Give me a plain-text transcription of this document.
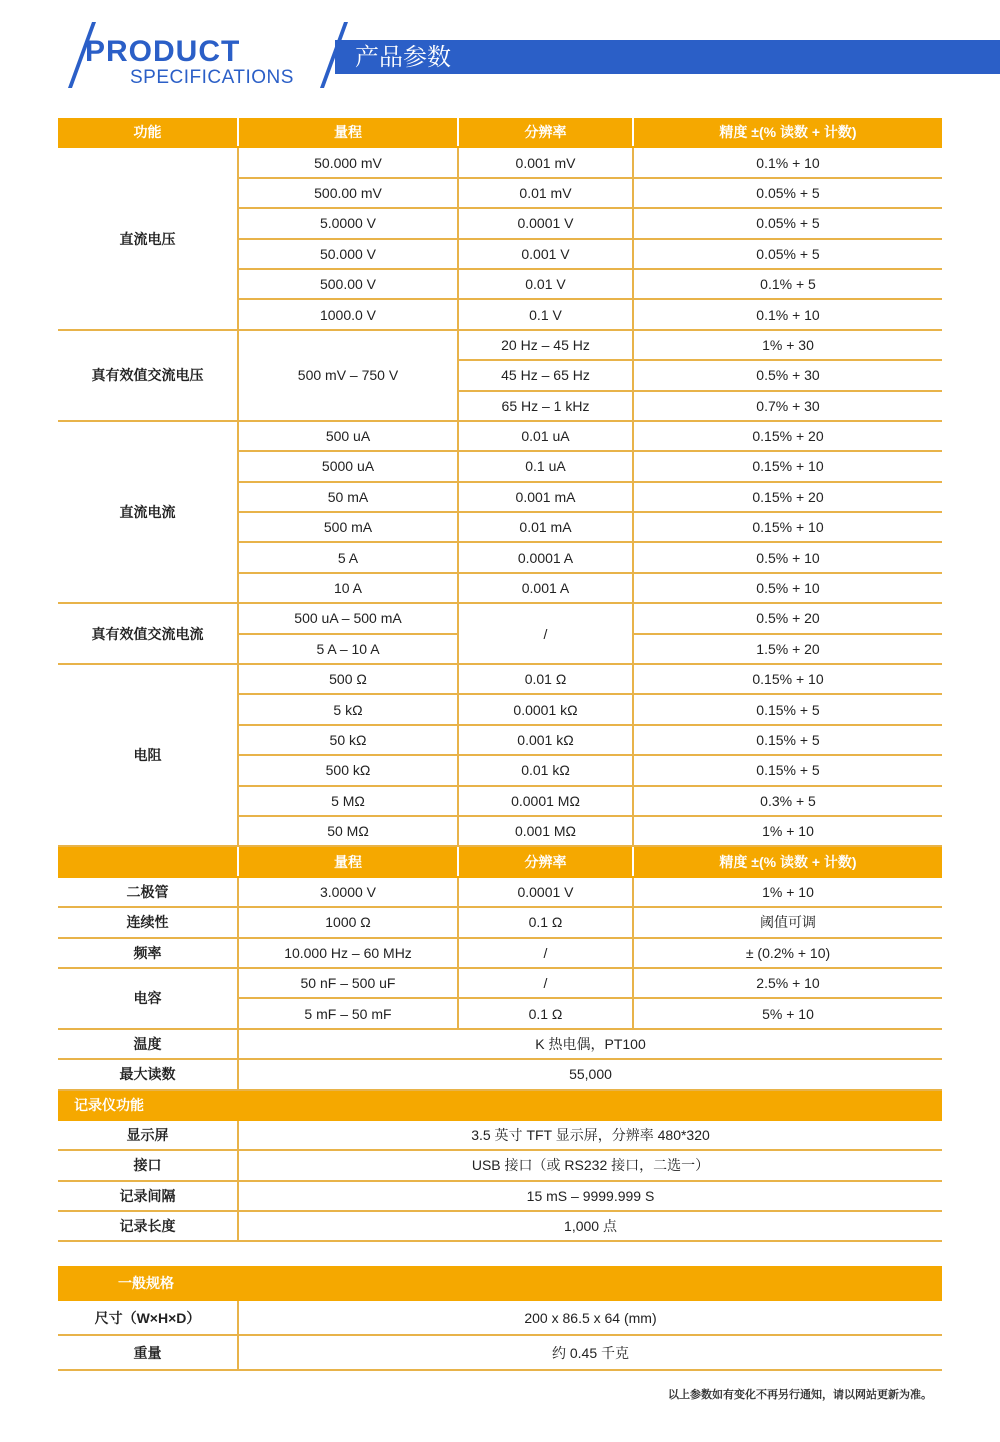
PRODUCT
SPECIFICATIONS
产品参数
功能	量程	分辨率	精度 ±(% 读数 + 计数)
直流电压	50.000 mV	0.001 mV	0.1% + 10
	500.00 mV	0.01 mV	0.05% + 5
	5.0000 V	0.0001 V	0.05% + 5
	50.000 V	0.001 V	0.05% + 5
	500.00 V	0.01 V	0.1% + 5
	1000.0 V	0.1 V	0.1% + 10
真有效值交流电压	500 mV – 750 V	20 Hz – 45 Hz	1% + 30
		45 Hz – 65 Hz	0.5% + 30
		65 Hz – 1 kHz	0.7% + 30
直流电流	500 uA	0.01 uA	0.15% + 20
	5000 uA	0.1 uA	0.15% + 10
	50 mA	0.001 mA	0.15% + 20
	500 mA	0.01 mA	0.15% + 10
	5 A	0.0001 A	0.5% + 10
	10 A	0.001 A	0.5% + 10
真有效值交流电流	500 uA – 500 mA	/	0.5% + 20
	5 A – 10 A		1.5% + 20
电阻	500 Ω	0.01 Ω	0.15% + 10
	5 kΩ	0.0001 kΩ	0.15% + 5
	50 kΩ	0.001 kΩ	0.15% + 5
	500 kΩ	0.01 kΩ	0.15% + 5
	5 MΩ	0.0001 MΩ	0.3% + 5
	50 MΩ	0.001 MΩ	1% + 10
	量程	分辨率	精度 ±(% 读数 + 计数)
二极管	3.0000 V	0.0001 V	1% + 10
连续性	1000 Ω	0.1 Ω	阈值可调
频率	10.000 Hz – 60 MHz	/	± (0.2% + 10)
电容	50 nF – 500 uF	/	2.5% + 10
	5 mF – 50 mF	0.1 Ω	5% + 10
温度	K 热电偶，PT100		
最大读数	55,000		
记录仪功能			
显示屏	3.5 英寸 TFT 显示屏，分辨率 480*320		
接口	USB 接口（或 RS232 接口，二选一）		
记录间隔	15 mS – 9999.999 S		
记录长度	1,000 点		

一般规格			
尺寸（W×H×D）	200 x 86.5 x 64 (mm)		
重量	约 0.45 千克		
以上参数如有变化不再另行通知，请以网站更新为准。
